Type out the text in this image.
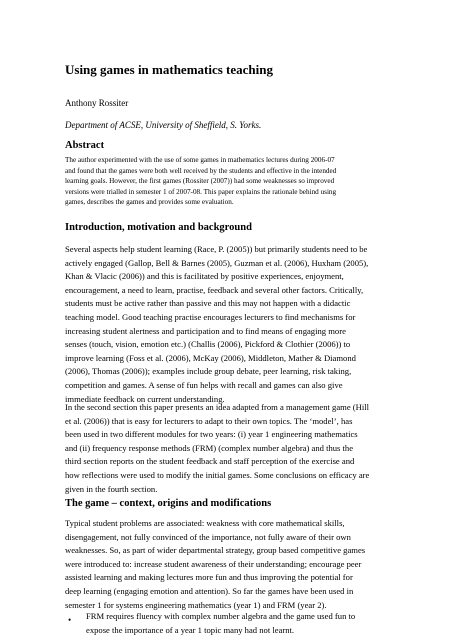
Using games in mathematics teaching

Anthony Rossiter

Department of ACSE, University of Sheffield, S. Yorks.

Abstract

The author experimented with the use of some games in mathematics lectures during 2006-07
and found that the games were both well received by the students and effective in the intended
learning goals. However, the first games (Rossiter (2007)) had some weaknesses so improved
versions were trialled in semester 1 of 2007-08. This paper explains the rationale behind using
games, describes the games and provides some evaluation.

Introduction, motivation and background

Several aspects help student learning (Race, P. (2005)) but primarily students need to be
actively engaged (Gallop, Bell & Barnes (2005), Guzman et al. (2006), Huxham (2005),
Khan & Vlacic (2006)) and this is facilitated by positive experiences, enjoyment,
encouragement, a need to learn, practise, feedback and several other factors. Critically,
students must be active rather than passive and this may not happen with a didactic
teaching model. Good teaching practise encourages lecturers to find mechanisms for
increasing student alertness and participation and to find means of engaging more
senses (touch, vision, emotion etc.) (Challis (2006), Pickford & Clothier (2006)) to
improve learning (Foss et al. (2006), McKay (2006), Middleton, Mather & Diamond
(2006), Thomas (2006)); examples include group debate, peer learning, risk taking,
competition and games. A sense of fun helps with recall and games can also give
immediate feedback on current understanding.

In the second section this paper presents an idea adapted from a management game (Hill
et al. (2006)) that is easy for lecturers to adapt to their own topics. The ‘model’, has
been used in two different modules for two years: (i) year 1 engineering mathematics
and (ii) frequency response methods (FRM) (complex number algebra) and thus the
third section reports on the student feedback and staff perception of the exercise and
how reflections were used to modify the initial games. Some conclusions on efficacy are
given in the fourth section.

The game – context, origins and modifications

Typical student problems are associated: weakness with core mathematical skills,
disengagement, not fully convinced of the importance, not fully aware of their own
weaknesses. So, as part of wider departmental strategy, group based competitive games
were introduced to: increase student awareness of their understanding; encourage peer
assisted learning and making lectures more fun and thus improving the potential for
deep learning (engaging emotion and attention). So far the games have been used in
semester 1 for systems engineering mathematics (year 1) and FRM (year 2).

• FRM requires fluency with complex number algebra and the game used fun to
expose the importance of a year 1 topic many had not learnt.
